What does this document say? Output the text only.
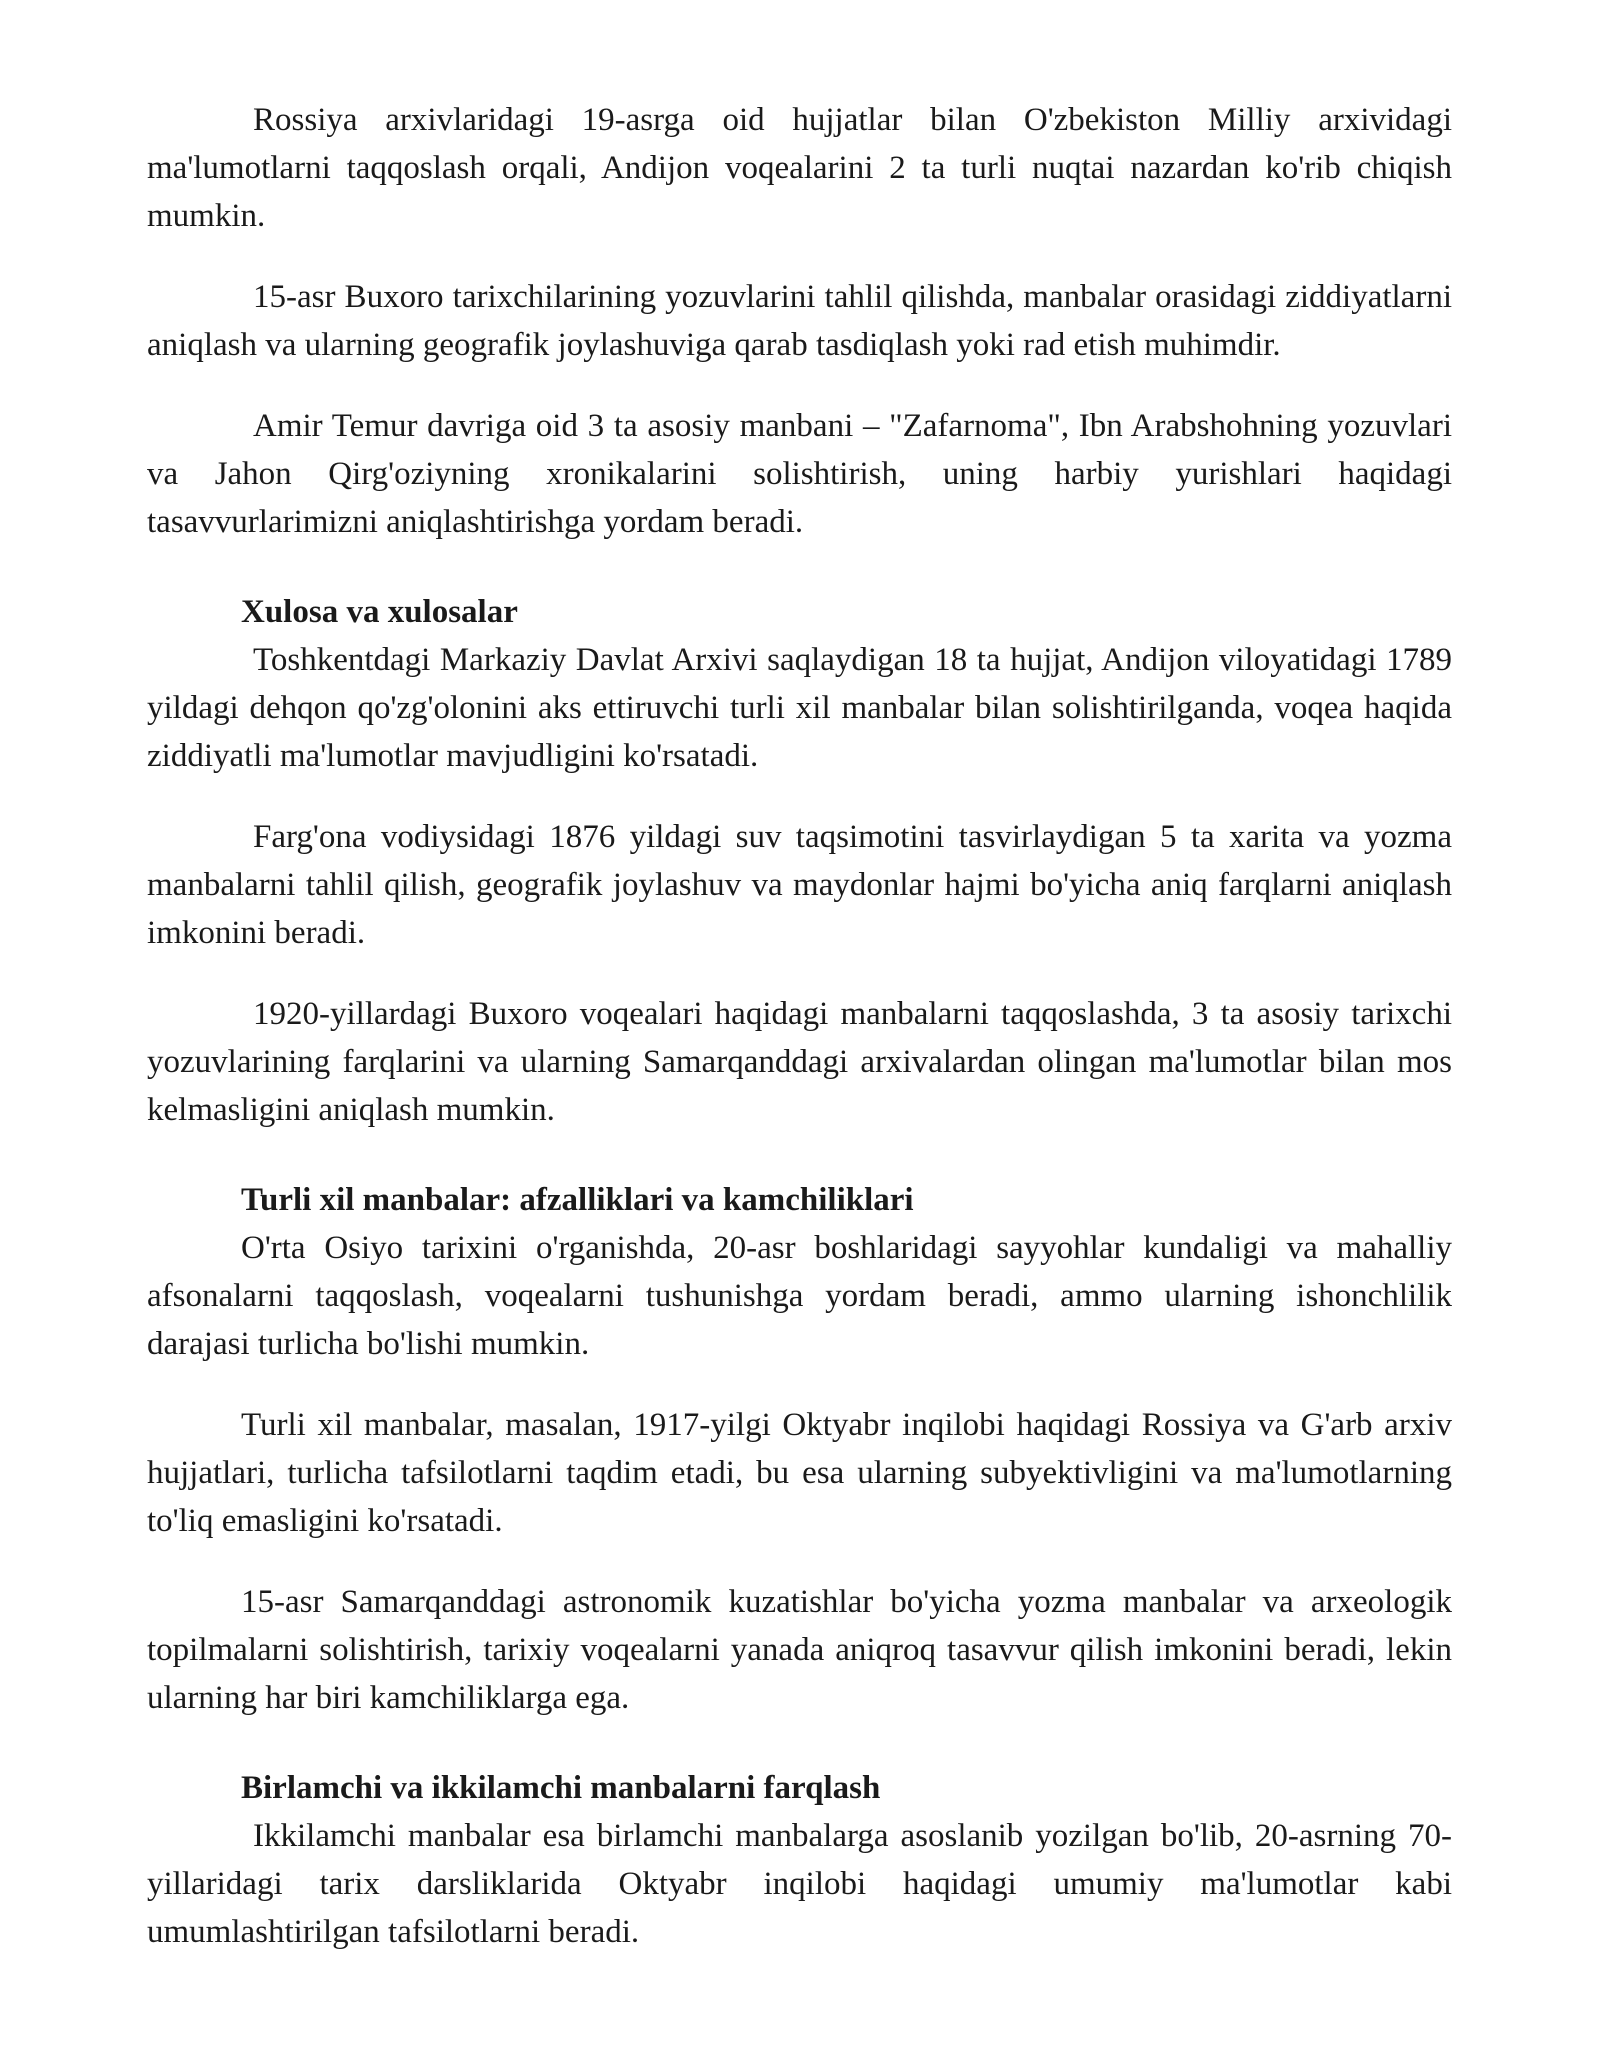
Rossiya arxivlaridagi 19-asrga oid hujjatlar bilan O'zbekiston Milliy arxividagi ma'lumotlarni taqqoslash orqali, Andijon voqealarini 2 ta turli nuqtai nazardan ko'rib chiqish mumkin.

15-asr Buxoro tarixchilarining yozuvlarini tahlil qilishda, manbalar orasidagi ziddiyatlarni aniqlash va ularning geografik joylashuviga qarab tasdiqlash yoki rad etish muhimdir.

Amir Temur davriga oid 3 ta asosiy manbani – "Zafarnoma", Ibn Arabshohning yozuvlari va Jahon Qirg'oziyning xronikalarini solishtirish, uning harbiy yurishlari haqidagi tasavvurlarimizni aniqlashtirishga yordam beradi.

Xulosa va xulosalar

Toshkentdagi Markaziy Davlat Arxivi saqlaydigan 18 ta hujjat, Andijon viloyatidagi 1789 yildagi dehqon qo'zg'olonini aks ettiruvchi turli xil manbalar bilan solishtirilganda, voqea haqida ziddiyatli ma'lumotlar mavjudligini ko'rsatadi.

Farg'ona vodiysidagi 1876 yildagi suv taqsimotini tasvirlaydigan 5 ta xarita va yozma manbalarni tahlil qilish, geografik joylashuv va maydonlar hajmi bo'yicha aniq farqlarni aniqlash imkonini beradi.

1920-yillardagi Buxoro voqealari haqidagi manbalarni taqqoslashda, 3 ta asosiy tarixchi yozuvlarining farqlarini va ularning Samarqanddagi arxivalardan olingan ma'lumotlar bilan mos kelmasligini aniqlash mumkin.

Turli xil manbalar: afzalliklari va kamchiliklari

O'rta Osiyo tarixini o'rganishda, 20-asr boshlaridagi sayyohlar kundaligi va mahalliy afsonalarni taqqoslash, voqealarni tushunishga yordam beradi, ammo ularning ishonchlilik darajasi turlicha bo'lishi mumkin.

Turli xil manbalar, masalan, 1917-yilgi Oktyabr inqilobi haqidagi Rossiya va G'arb arxiv hujjatlari, turlicha tafsilotlarni taqdim etadi, bu esa ularning subyektivligini va ma'lumotlarning to'liq emasligini ko'rsatadi.

15-asr Samarqanddagi astronomik kuzatishlar bo'yicha yozma manbalar va arxeologik topilmalarni solishtirish, tarixiy voqealarni yanada aniqroq tasavvur qilish imkonini beradi, lekin ularning har biri kamchiliklarga ega.

Birlamchi va ikkilamchi manbalarni farqlash

Ikkilamchi manbalar esa birlamchi manbalarga asoslanib yozilgan bo'lib, 20-asrning 70-yillaridagi tarix darsliklarida Oktyabr inqilobi haqidagi umumiy ma'lumotlar kabi umumlashtirilgan tafsilotlarni beradi.
